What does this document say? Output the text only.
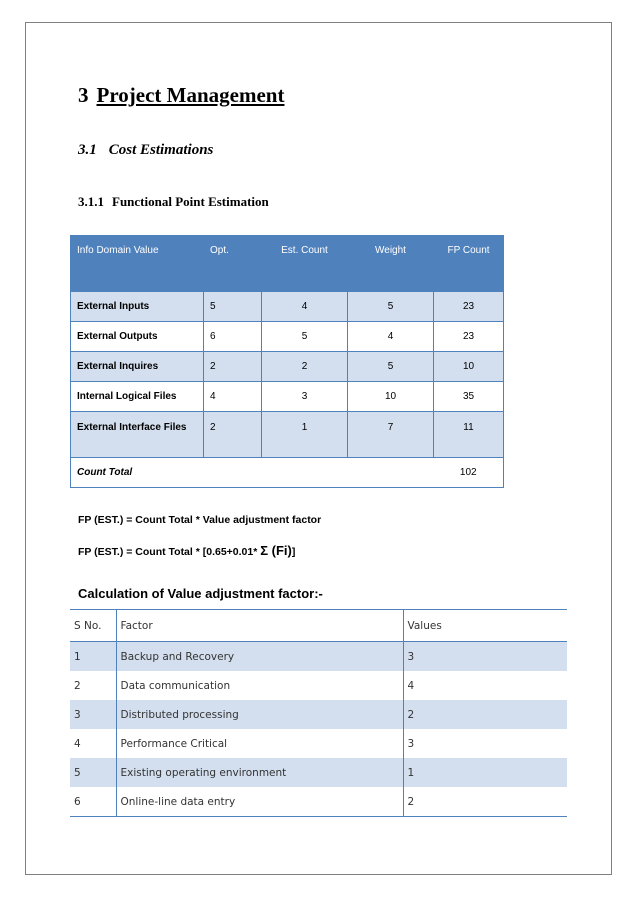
3 Project Management
3.1 Cost Estimations
3.1.1 Functional Point Estimation
Info Domain Value	Opt.	Est. Count	Weight	FP Count
External Inputs	5	4	5	23
External Outputs	6	5	4	23
External Inquires	2	2	5	10
Internal Logical Files	4	3	10	35
External Interface Files	2	1	7	11
Count Total				102
FP (EST.) = Count Total * Value adjustment factor
FP (EST.) = Count Total * [0.65+0.01* Σ (Fi)]
Calculation of Value adjustment factor:-
S No.	Factor	Values
1	Backup and Recovery	3
2	Data communication	4
3	Distributed processing	2
4	Performance Critical	3
5	Existing operating environment	1
6	Online-line data entry	2
